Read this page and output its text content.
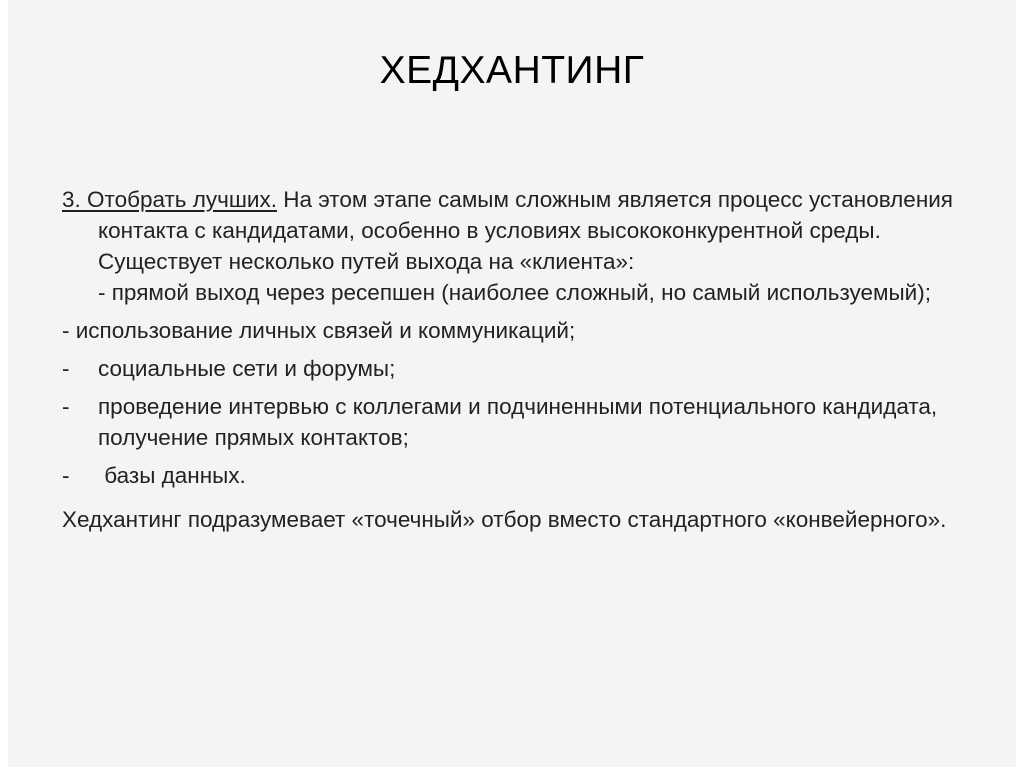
ХЕДХАНТИНГ

3. Отобрать лучших. На этом этапе самым сложным является процесс установления контакта с кандидатами, особенно в условиях высококонкурентной среды. Существует несколько путей выхода на «клиента»:

- прямой выход через ресепшен (наиболее сложный, но самый используемый);

- использование личных связей и коммуникаций;

- социальные сети и форумы;

- проведение интервью с коллегами и подчиненными потенциального кандидата, получение прямых контактов;

- базы данных.

Хедхантинг подразумевает «точечный» отбор вместо стандартного «конвейерного».
